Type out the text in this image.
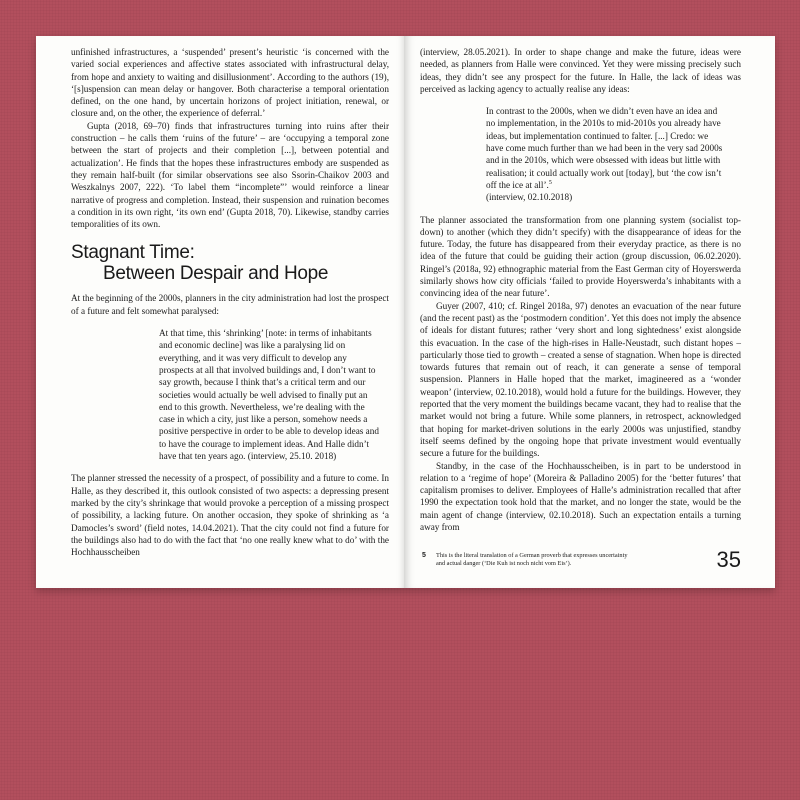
unfinished infrastructures, a ‘suspended’ present’s heuristic ‘is concerned with the varied social experiences and affective states associated with infrastructural delay, from hope and anxiety to waiting and disillusionment’. According to the authors (19), ‘[s]uspension can mean delay or hangover. Both characterise a temporal orientation defined, on the one hand, by uncertain horizons of project initiation, renewal, or closure and, on the other, the experience of deferral.’

Gupta (2018, 69–70) finds that infrastructures turning into ruins after their construction – he calls them ‘ruins of the future’ – are ‘occupying a temporal zone between the start of projects and their completion [...], between potential and actualization’. He finds that the hopes these infrastructures embody are suspended as they remain half-built (for similar observations see also Ssorin-Chaikov 2003 and Weszkalnys 2007, 222). ‘To label them “incomplete”’ would reinforce a linear narrative of progress and completion. Instead, their suspension and ruination becomes a condition in its own right, ‘its own end’ (Gupta 2018, 70). Likewise, standby carries temporalities of its own.

Stagnant Time:
Between Despair and Hope

At the beginning of the 2000s, planners in the city administration had lost the prospect of a future and felt somewhat paralysed:

At that time, this ‘shrinking’ [note: in terms of inhabitants and economic decline] was like a paralysing lid on everything, and it was very difficult to develop any prospects at all that involved buildings and, I don’t want to say growth, because I think that’s a critical term and our societies would actually be well advised to finally put an end to this growth. Nevertheless, we’re dealing with the case in which a city, just like a person, somehow needs a positive perspective in order to be able to develop ideas and to have the courage to implement ideas. And Halle didn’t have that ten years ago. (interview, 25.10. 2018)

The planner stressed the necessity of a prospect, of possibility and a future to come. In Halle, as they described it, this outlook consisted of two aspects: a depressing present marked by the city’s shrinkage that would provoke a perception of a missing prospect of possibility, a lacking future. On another occasion, they spoke of shrinking as ‘a Damocles’s sword’ (field notes, 14.04.2021). That the city could not find a future for the buildings also had to do with the fact that ‘no one really knew what to do’ with the Hochhausscheiben

(interview, 28.05.2021). In order to shape change and make the future, ideas were needed, as planners from Halle were convinced. Yet they were missing precisely such ideas, they didn’t see any prospect for the future. In Halle, the lack of ideas was perceived as lacking agency to actually realise any ideas:

In contrast to the 2000s, when we didn’t even have an idea and no implementation, in the 2010s to mid-2010s you already have ideas, but implementation continued to falter. [...] Credo: we have come much further than we had been in the very sad 2000s and in the 2010s, which were obsessed with ideas but little with realisation; it could actually work out [today], but ‘the cow isn’t off the ice at all’.$^5$
(interview, 02.10.2018)

The planner associated the transformation from one planning system (socialist top-down) to another (which they didn’t specify) with the disappearance of ideas for the future. Today, the future has disappeared from their everyday practice, as there is no idea of the future that could be guiding their action (group discussion, 06.02.2020). Ringel’s (2018a, 92) ethnographic material from the East German city of Hoyerswerda similarly shows how city officials ‘failed to provide Hoyerswerda’s inhabitants with a convincing idea of the near future’.

Guyer (2007, 410; cf. Ringel 2018a, 97) denotes an evacuation of the near future (and the recent past) as the ‘postmodern condition’. Yet this does not imply the absence of ideals for distant futures; rather ‘very short and long sightedness’ exist alongside this evacuation. In the case of the high-rises in Halle-Neustadt, such distant hopes – particularly those tied to growth – created a sense of stagnation. When hope is directed towards futures that remain out of reach, it can generate a sense of temporal suspension. Planners in Halle hoped that the market, imagineered as a ‘wonder weapon’ (interview, 02.10.2018), would hold a future for the buildings. However, they reported that the very moment the buildings became vacant, they had to realise that the market would not bring a future. While some planners, in retrospect, acknowledged that hoping for market-driven solutions in the early 2000s was unjustified, standby itself seems defined by the ongoing hope that private investment would eventually secure a future for the buildings.

Standby, in the case of the Hochhausscheiben, is in part to be understood in relation to a ‘regime of hope’ (Moreira & Palladino 2005) for the ‘better futures’ that capitalism promises to deliver. Employees of Halle’s administration recalled that after 1990 the expectation took hold that the market, and no longer the state, would be the main agent of change (interview, 02.10.2018). Such an expectation entails a turning away from

5 This is the literal translation of a German proverb that expresses uncertainty and actual danger (‘Die Kuh ist noch nicht vom Eis’).	35
